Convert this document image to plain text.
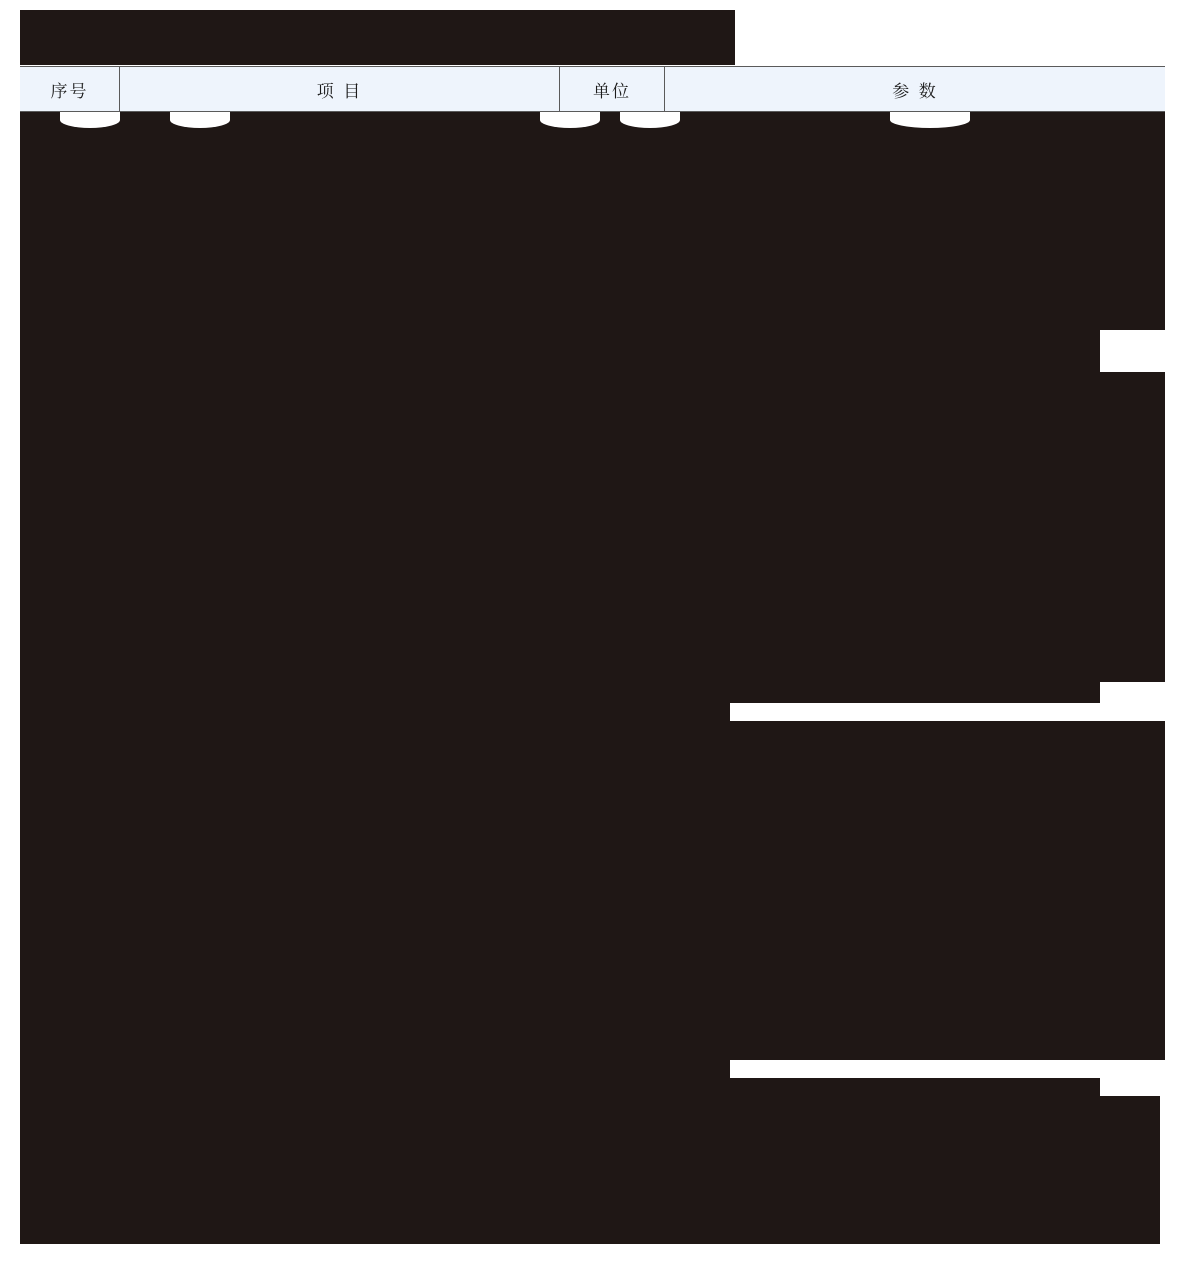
序号	项 目	单位	参 数
